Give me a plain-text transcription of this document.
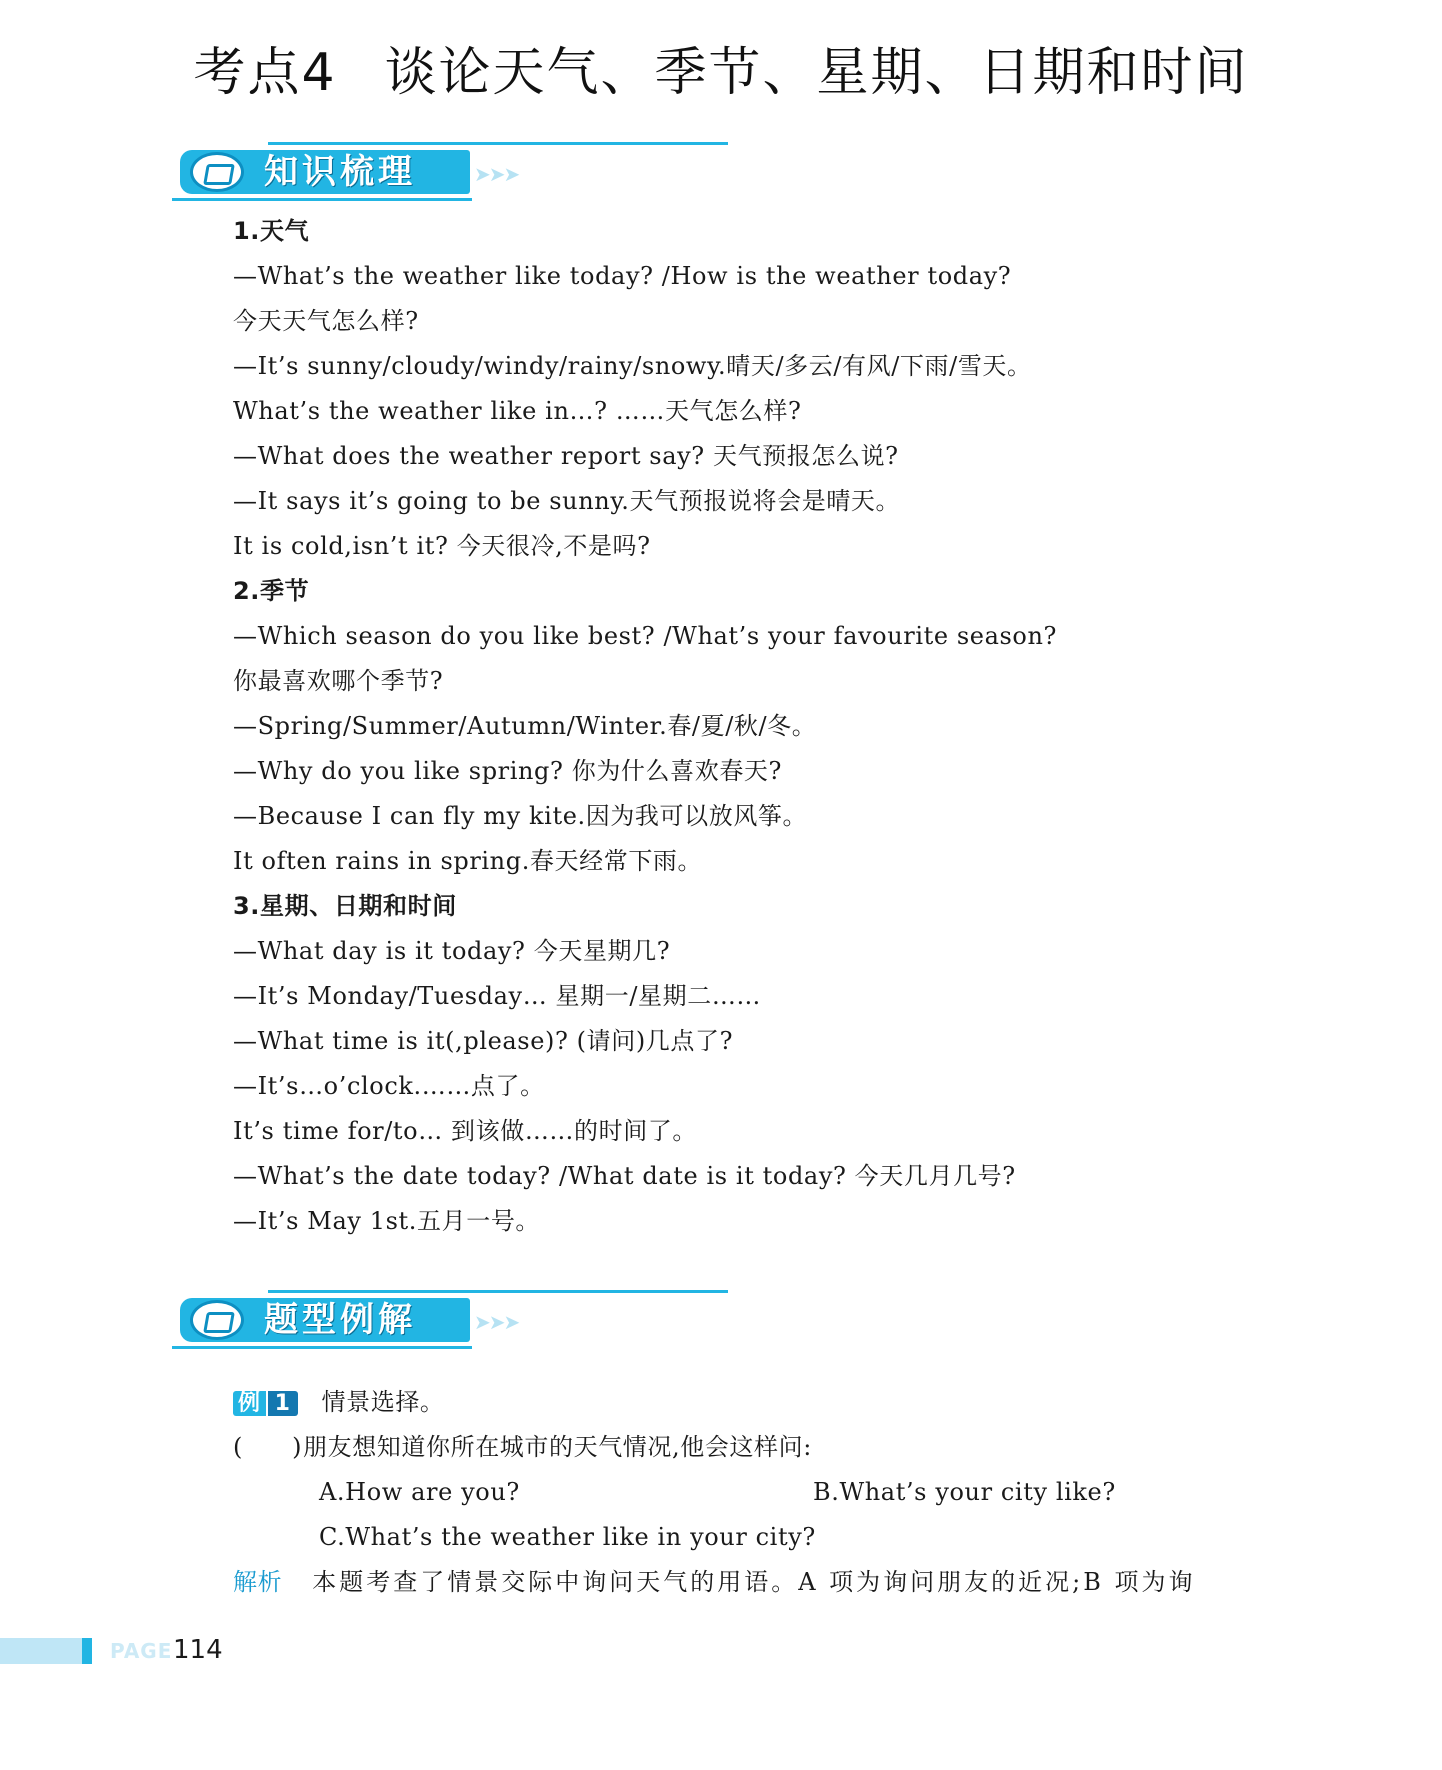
考点4 谈论天气、季节、星期、日期和时间
知识梳理	➤➤➤
1.天气
—What’s the weather like today? /How is the weather today?
今天天气怎么样?
—It’s sunny/cloudy/windy/rainy/snowy.晴天/多云/有风/下雨/雪天。
What’s the weather like in…? ……天气怎么样?
—What does the weather report say? 天气预报怎么说?
—It says it’s going to be sunny.天气预报说将会是晴天。
It is cold,isn’t it? 今天很冷,不是吗?
2.季节
—Which season do you like best? /What’s your favourite season?
你最喜欢哪个季节?
—Spring/Summer/Autumn/Winter.春/夏/秋/冬。
—Why do you like spring? 你为什么喜欢春天?
—Because I can fly my kite.因为我可以放风筝。
It often rains in spring.春天经常下雨。
3.星期、日期和时间
—What day is it today? 今天星期几?
—It’s Monday/Tuesday… 星期一/星期二……
—What time is it(,please)? (请问)几点了?
—It’s…o’clock.……点了。
It’s time for/to… 到该做……的时间了。
—What’s the date today? /What date is it today? 今天几月几号?
—It’s May 1st.五月一号。
题型例解	➤➤➤
例 1 情景选择。
(　　)朋友想知道你所在城市的天气情况,他会这样问:
A.How are you?	B.What’s your city like?
C.What’s the weather like in your city?
解析 本题考查了情景交际中询问天气的用语。A 项为询问朋友的近况;B 项为询
PAGE 114
